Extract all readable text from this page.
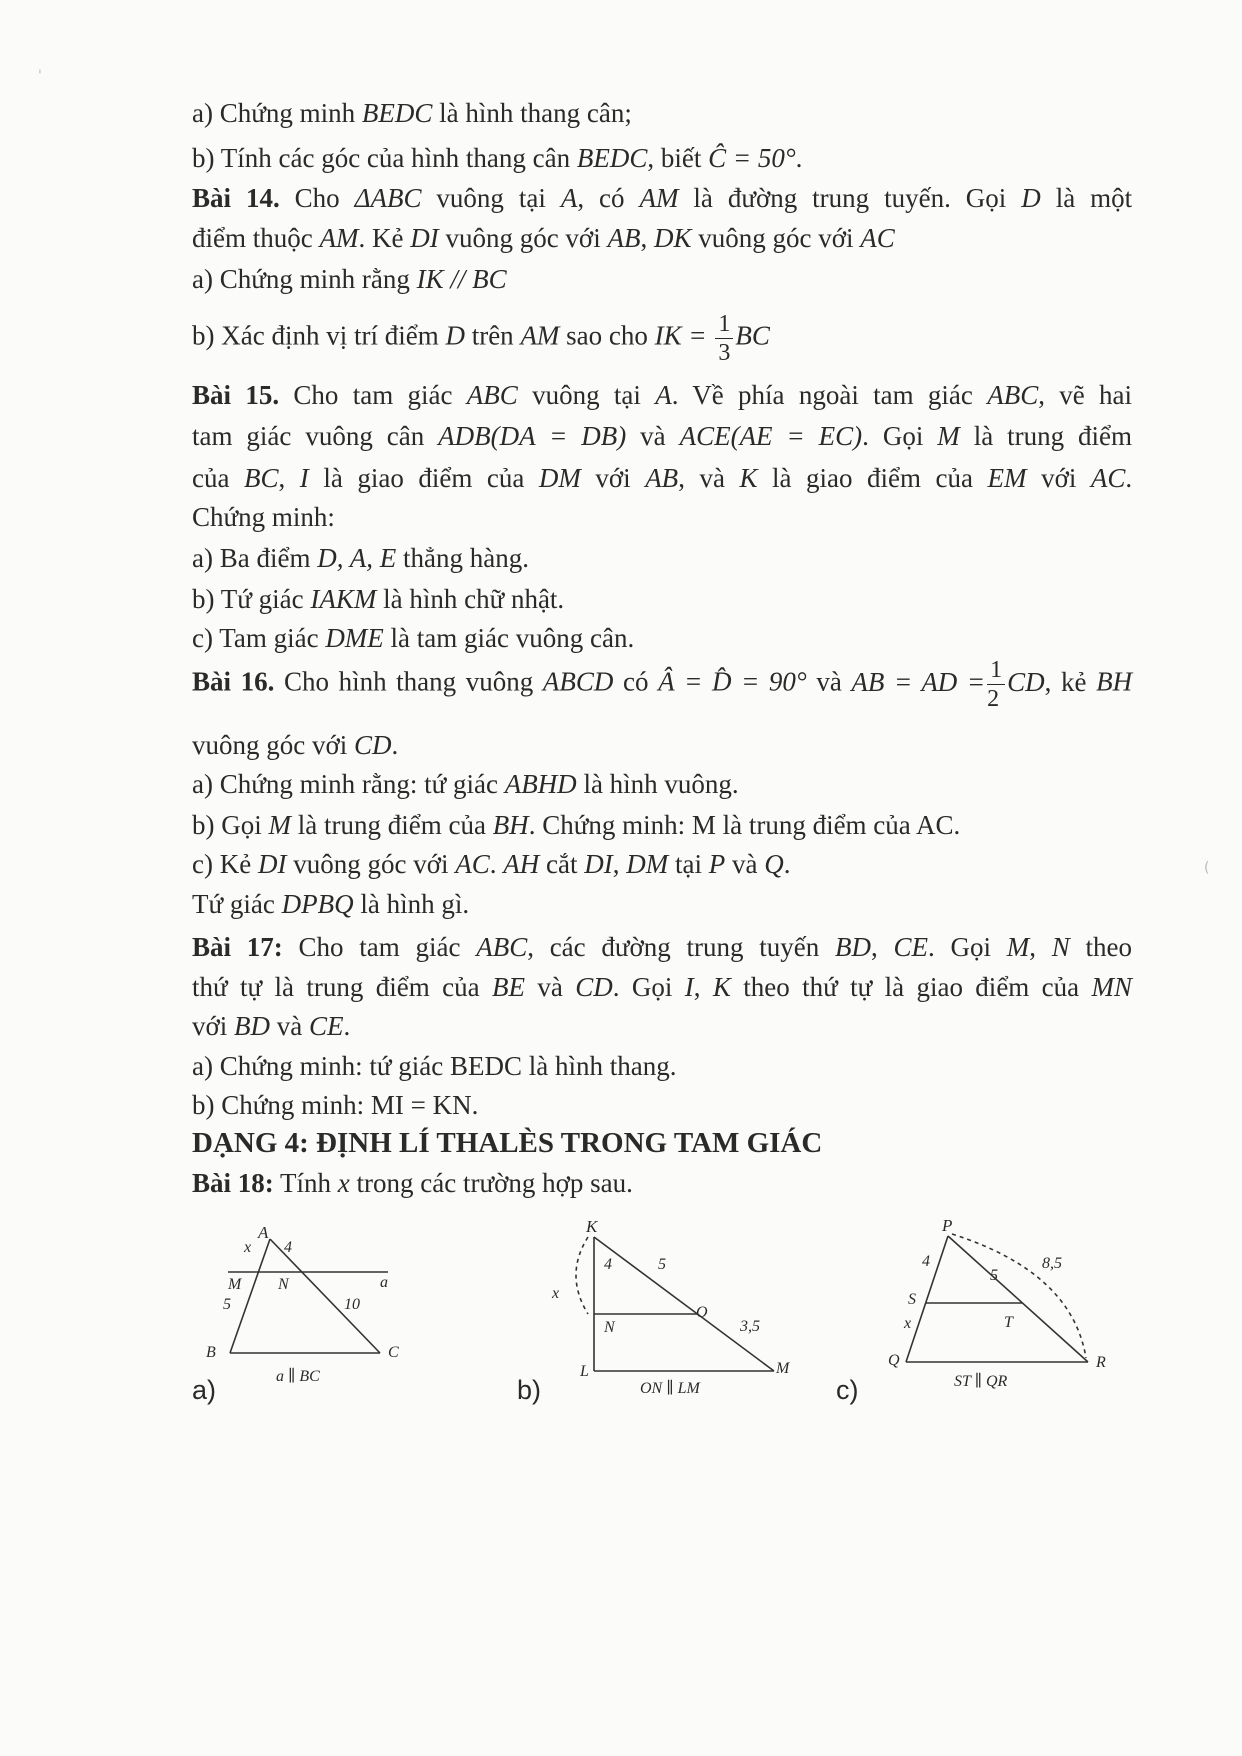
a) Chứng minh BEDC là hình thang cân;
b) Tính các góc của hình thang cân BEDC, biết Ĉ = 50°.
Bài 14. Cho ΔABC vuông tại A, có AM là đường trung tuyến. Gọi D là một
điểm thuộc AM. Kẻ DI vuông góc với AB, DK vuông góc với AC
a) Chứng minh rằng IK // BC
b) Xác định vị trí điểm D trên AM sao cho IK = $\frac{1}{3}$ BC
Bài 15. Cho tam giác ABC vuông tại A. Về phía ngoài tam giác ABC, vẽ hai
tam giác vuông cân ADB(DA = DB) và ACE(AE = EC). Gọi M là trung điểm
của BC, I là giao điểm của DM với AB, và K là giao điểm của EM với AC.
Chứng minh:
a) Ba điểm D, A, E thẳng hàng.
b) Tứ giác IAKM là hình chữ nhật.
c) Tam giác DME là tam giác vuông cân.
Bài 16. Cho hình thang vuông ABCD có Â = D̂ = 90° và AB = AD = $\frac{1}{2}$ CD, kẻ BH
vuông góc với CD.
a) Chứng minh rằng: tứ giác ABHD là hình vuông.
b) Gọi M là trung điểm của BH. Chứng minh: M là trung điểm của AC.
c) Kẻ DI vuông góc với AC. AH cắt DI, DM tại P và Q.
Tứ giác DPBQ là hình gì.
Bài 17: Cho tam giác ABC, các đường trung tuyến BD, CE. Gọi M, N theo
thứ tự là trung điểm của BE và CD. Gọi I, K theo thứ tự là giao điểm của MN
với BD và CE.
a) Chứng minh: tứ giác BEDC là hình thang.
b) Chứng minh: MI = KN.
DẠNG 4: ĐỊNH LÍ THALÈS TRONG TAM GIÁC
Bài 18: Tính x trong các trường hợp sau.
A
x 4
M N	a
5	10
B	C
a ∥ BC
a)
K
4	5
x
O
N	3,5
L	M
ON ∥ LM
b)
P
4
5
8,5
S
x	T
Q	R
ST ∥ QR
c)
'
(
